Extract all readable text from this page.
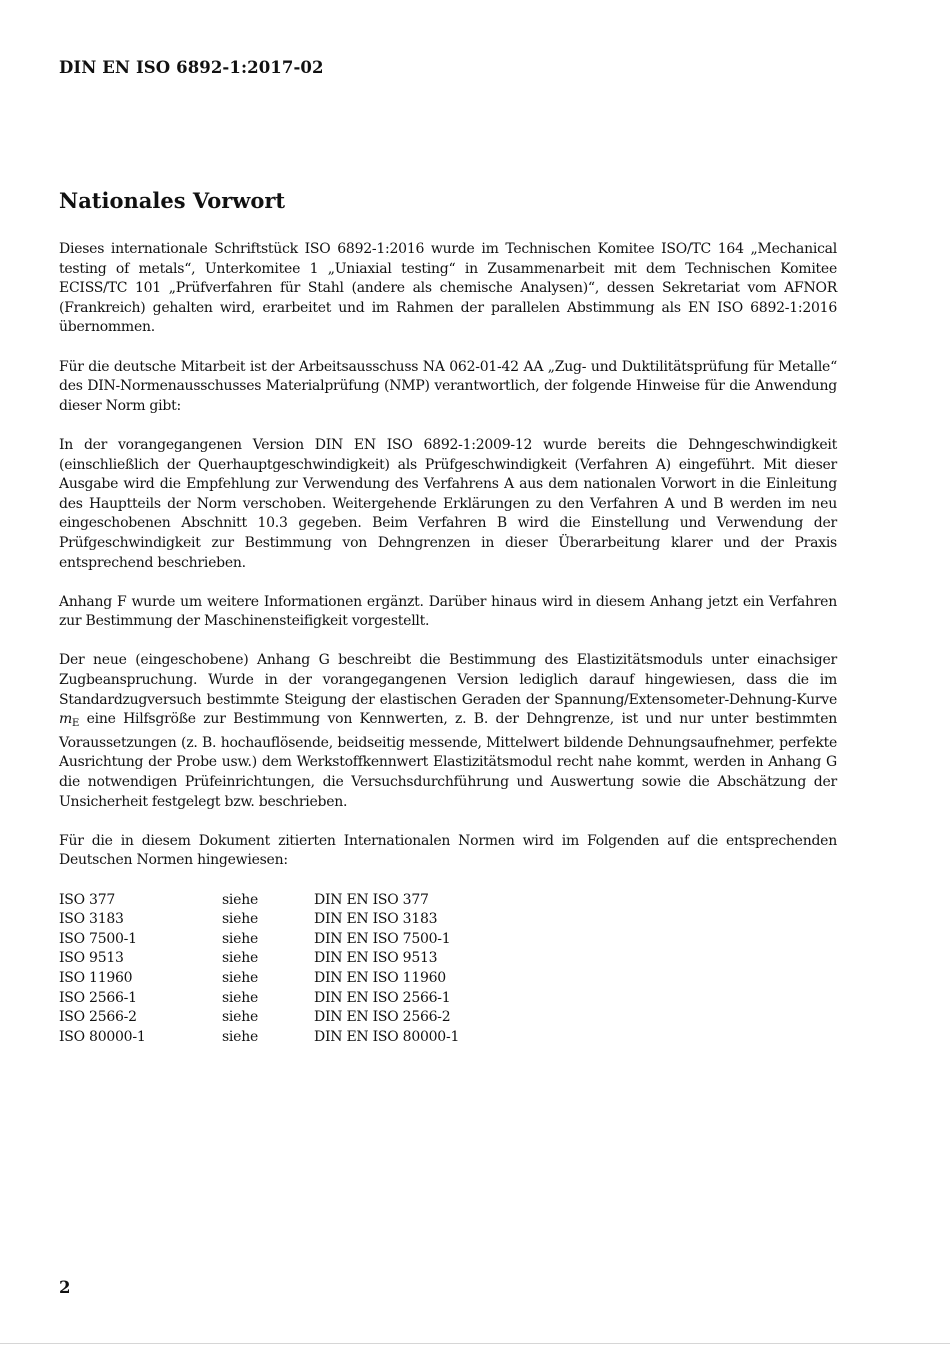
DIN EN ISO 6892-1:2017-02
Nationales Vorwort

Dieses internationale Schriftstück ISO 6892-1:2016 wurde im Technischen Komitee ISO/TC 164 „Mechanical testing of metals“, Unterkomitee 1 „Uniaxial testing“ in Zusammenarbeit mit dem Technischen Komitee ECISS/TC 101 „Prüfverfahren für Stahl (andere als chemische Analysen)“, dessen Sekretariat vom AFNOR (Frankreich) gehalten wird, erarbeitet und im Rahmen der parallelen Abstimmung als EN ISO 6892-1:2016 übernommen.

Für die deutsche Mitarbeit ist der Arbeitsausschuss NA 062-01-42 AA „Zug- und Duktilitätsprüfung für Metalle“ des DIN-Normenausschusses Materialprüfung (NMP) verantwortlich, der folgende Hinweise für die Anwendung dieser Norm gibt:

In der vorangegangenen Version DIN EN ISO 6892-1:2009-12 wurde bereits die Dehngeschwindigkeit (einschließlich der Querhauptgeschwindigkeit) als Prüfgeschwindigkeit (Verfahren A) eingeführt. Mit dieser Ausgabe wird die Empfehlung zur Verwendung des Verfahrens A aus dem nationalen Vorwort in die Einleitung des Hauptteils der Norm verschoben. Weitergehende Erklärungen zu den Verfahren A und B werden im neu eingeschobenen Abschnitt 10.3 gegeben. Beim Verfahren B wird die Einstellung und Verwendung der Prüfgeschwindigkeit zur Bestimmung von Dehngrenzen in dieser Überarbeitung klarer und der Praxis entsprechend beschrieben.

Anhang F wurde um weitere Informationen ergänzt. Darüber hinaus wird in diesem Anhang jetzt ein Verfahren zur Bestimmung der Maschinensteifigkeit vorgestellt.

Der neue (eingeschobene) Anhang G beschreibt die Bestimmung des Elastizitätsmoduls unter einachsiger Zugbeanspruchung. Wurde in der vorangegangenen Version lediglich darauf hingewiesen, dass die im Standardzugversuch bestimmte Steigung der elastischen Geraden der Spannung/Extensometer-Dehnung-Kurve $m_E$ eine Hilfsgröße zur Bestimmung von Kennwerten, z. B. der Dehngrenze, ist und nur unter bestimmten Voraussetzungen (z. B. hochauflösende, beidseitig messende, Mittelwert bildende Dehnungsaufnehmer, perfekte Ausrichtung der Probe usw.) dem Werkstoffkennwert Elastizitätsmodul recht nahe kommt, werden in Anhang G die notwendigen Prüfeinrichtungen, die Versuchsdurchführung und Auswertung sowie die Abschätzung der Unsicherheit festgelegt bzw. beschrieben.

Für die in diesem Dokument zitierten Internationalen Normen wird im Folgenden auf die entsprechenden Deutschen Normen hingewiesen:

ISO 377	siehe	DIN EN ISO 377
ISO 3183	siehe	DIN EN ISO 3183
ISO 7500-1	siehe	DIN EN ISO 7500-1
ISO 9513	siehe	DIN EN ISO 9513
ISO 11960	siehe	DIN EN ISO 11960
ISO 2566-1	siehe	DIN EN ISO 2566-1
ISO 2566-2	siehe	DIN EN ISO 2566-2
ISO 80000-1	siehe	DIN EN ISO 80000-1
2
